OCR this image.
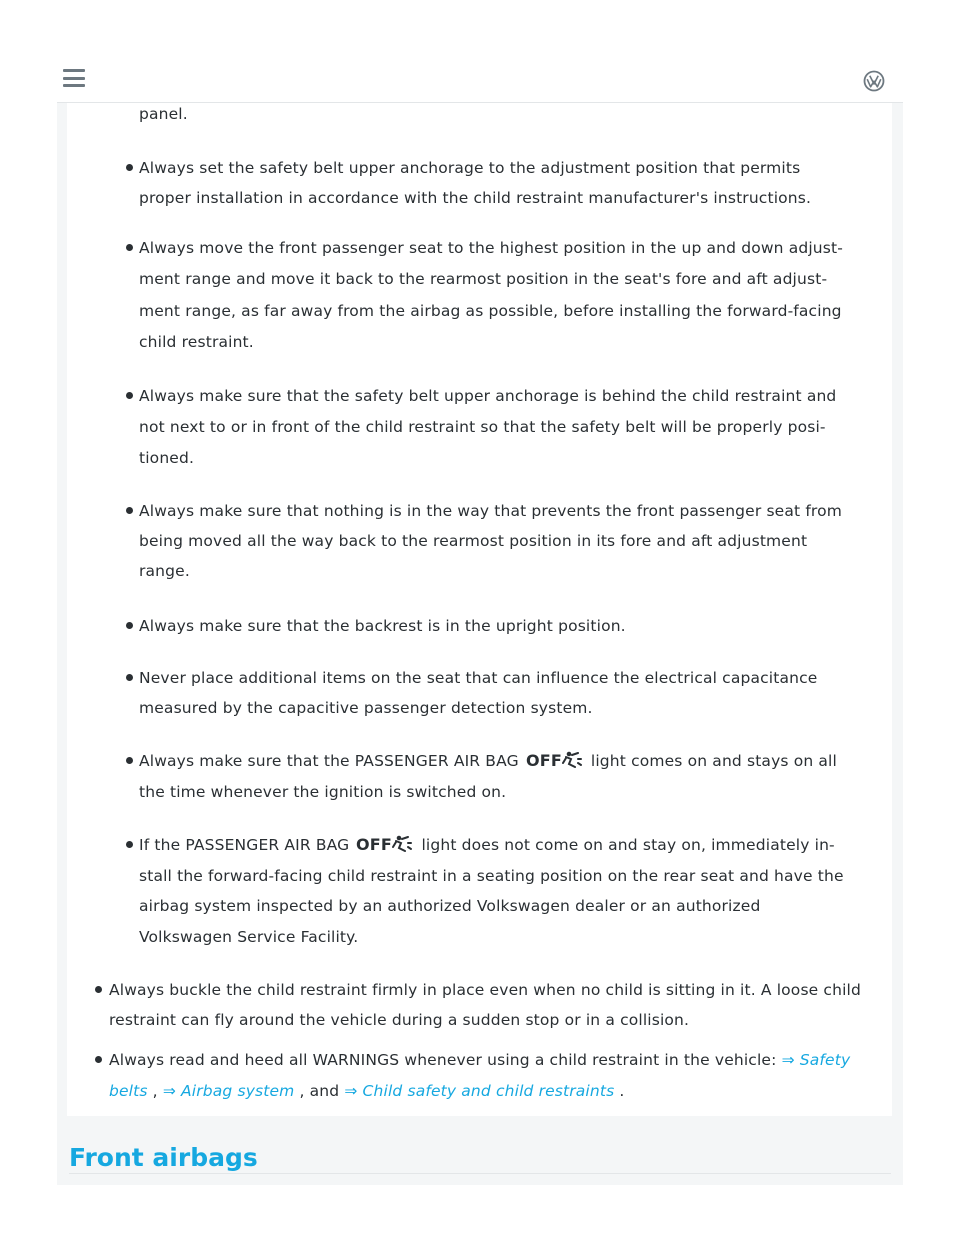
panel.

Always set the safety belt upper anchorage to the adjustment position that permits

proper installation in accordance with the child restraint manufacturer's instructions.

Always move the front passenger seat to the highest position in the up and down adjust-

ment range and move it back to the rearmost position in the seat's fore and aft adjust-

ment range, as far away from the airbag as possible, before installing the forward-facing

child restraint.

Always make sure that the safety belt upper anchorage is behind the child restraint and

not next to or in front of the child restraint so that the safety belt will be properly posi-

tioned.

Always make sure that nothing is in the way that prevents the front passenger seat from

being moved all the way back to the rearmost position in its fore and aft adjustment

range.

Always make sure that the backrest is in the upright position.

Never place additional items on the seat that can influence the electrical capacitance

measured by the capacitive passenger detection system.

Always make sure that the PASSENGER AIR BAG OFF light comes on and stays on all

the time whenever the ignition is switched on.

If the PASSENGER AIR BAG OFF light does not come on and stay on, immediately in-

stall the forward-facing child restraint in a seating position on the rear seat and have the

airbag system inspected by an authorized Volkswagen dealer or an authorized

Volkswagen Service Facility.

Always buckle the child restraint firmly in place even when no child is sitting in it. A loose child

restraint can fly around the vehicle during a sudden stop or in a collision.

Always read and heed all WARNINGS whenever using a child restraint in the vehicle: ⇒ Safety

belts , ⇒ Airbag system , and ⇒ Child safety and child restraints .

Front airbags
